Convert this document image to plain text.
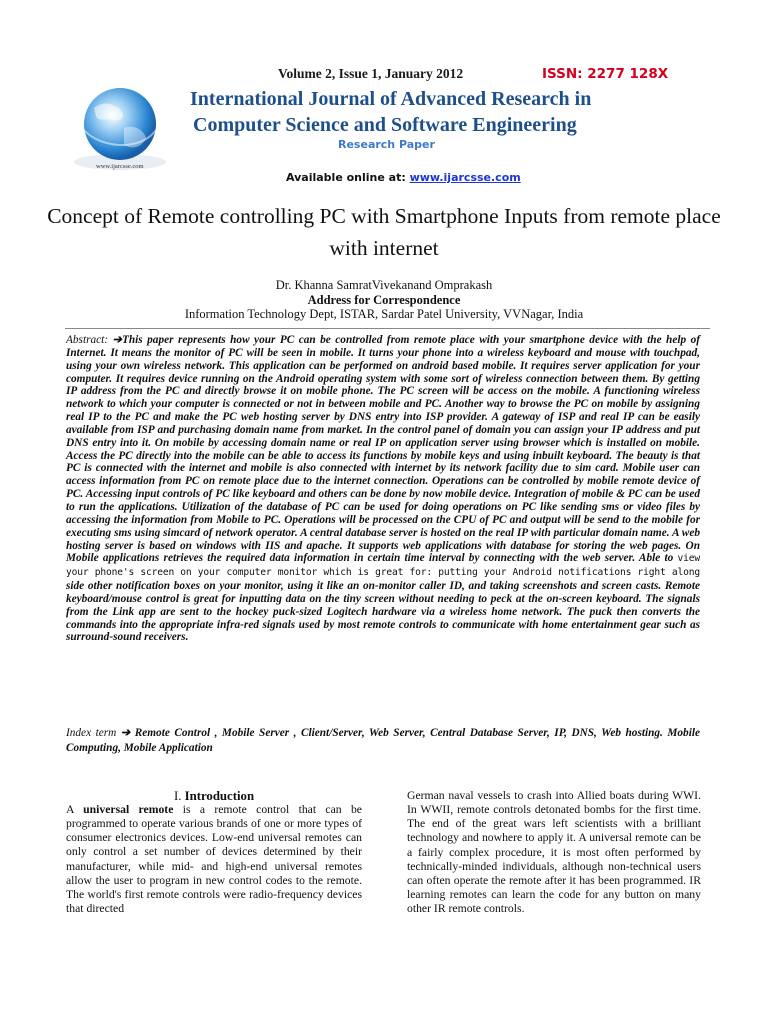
www.ijarcsse.com
Volume 2, Issue 1, January 2012	ISSN: 2277 128X
International Journal of Advanced Research in
Computer Science and Software Engineering
Research Paper
Available online at: www.ijarcsse.com
Concept of Remote controlling PC with Smartphone Inputs from remote place with internet
Dr. Khanna SamratVivekanand Omprakash
Address for Correspondence
Information Technology Dept, ISTAR, Sardar Patel University, VVNagar, India
Abstract: ➔This paper represents how your PC can be controlled from remote place with your smartphone device with the help of Internet. It means the monitor of PC will be seen in mobile. It turns your phone into a wireless keyboard and mouse with touchpad, using your own wireless network. This application can be performed on android based mobile. It requires server application for your computer. It requires device running on the Android operating system with some sort of wireless connection between them. By getting IP address from the PC and directly browse it on mobile phone. The PC screen will be access on the mobile. A functioning wireless network to which your computer is connected or not in between mobile and PC. Another way to browse the PC on mobile by assigning real IP to the PC and make the PC web hosting server by DNS entry into ISP provider. A gateway of ISP and real IP can be easily available from ISP and purchasing domain name from market. In the control panel of domain you can assign your IP address and put DNS entry into it. On mobile by accessing domain name or real IP on application server using browser which is installed on mobile. Access the PC directly into the mobile can be able to access its functions by mobile keys and using inbuilt keyboard. The beauty is that PC is connected with the internet and mobile is also connected with internet by its network facility due to sim card. Mobile user can access information from PC on remote place due to the internet connection. Operations can be controlled by mobile remote device of PC. Accessing input controls of PC like keyboard and others can be done by now mobile device. Integration of mobile & PC can be used to run the applications. Utilization of the database of PC can be used for doing operations on PC like sending sms or video files by accessing the information from Mobile to PC. Operations will be processed on the CPU of PC and output will be send to the mobile for executing sms using simcard of network operator. A central database server is hosted on the real IP with particular domain name. A web hosting server is based on windows with IIS and apache. It supports web applications with database for storing the web pages. On Mobile applications retrieves the required data information in certain time interval by connecting with the web server. Able to view your phone's screen on your computer monitor which is great for: putting your Android notifications right along side other notification boxes on your monitor, using it like an on-monitor caller ID, and taking screenshots and screen casts. Remote keyboard/mouse control is great for inputting data on the tiny screen without needing to peck at the on-screen keyboard. The signals from the Link app are sent to the hockey puck-sized Logitech hardware via a wireless home network. The puck then converts the commands into the appropriate infra-red signals used by most remote controls to communicate with home entertainment gear such as surround-sound receivers.
Index term ➔ Remote Control , Mobile Server , Client/Server, Web Server, Central Database Server, IP, DNS, Web hosting. Mobile Computing, Mobile Application
I. Introduction

A universal remote is a remote control that can be programmed to operate various brands of one or more types of consumer electronics devices. Low-end universal remotes can only control a set number of devices determined by their manufacturer, while mid- and high-end universal remotes allow the user to program in new control codes to the remote. The world's first remote controls were radio-frequency devices that directed

German naval vessels to crash into Allied boats during WWI. In WWII, remote controls detonated bombs for the first time. The end of the great wars left scientists with a brilliant technology and nowhere to apply it. A universal remote can be a fairly complex procedure, it is most often performed by technically-minded individuals, although non-technical users can often operate the remote after it has been programmed. IR learning remotes can learn the code for any button on many other IR remote controls.
